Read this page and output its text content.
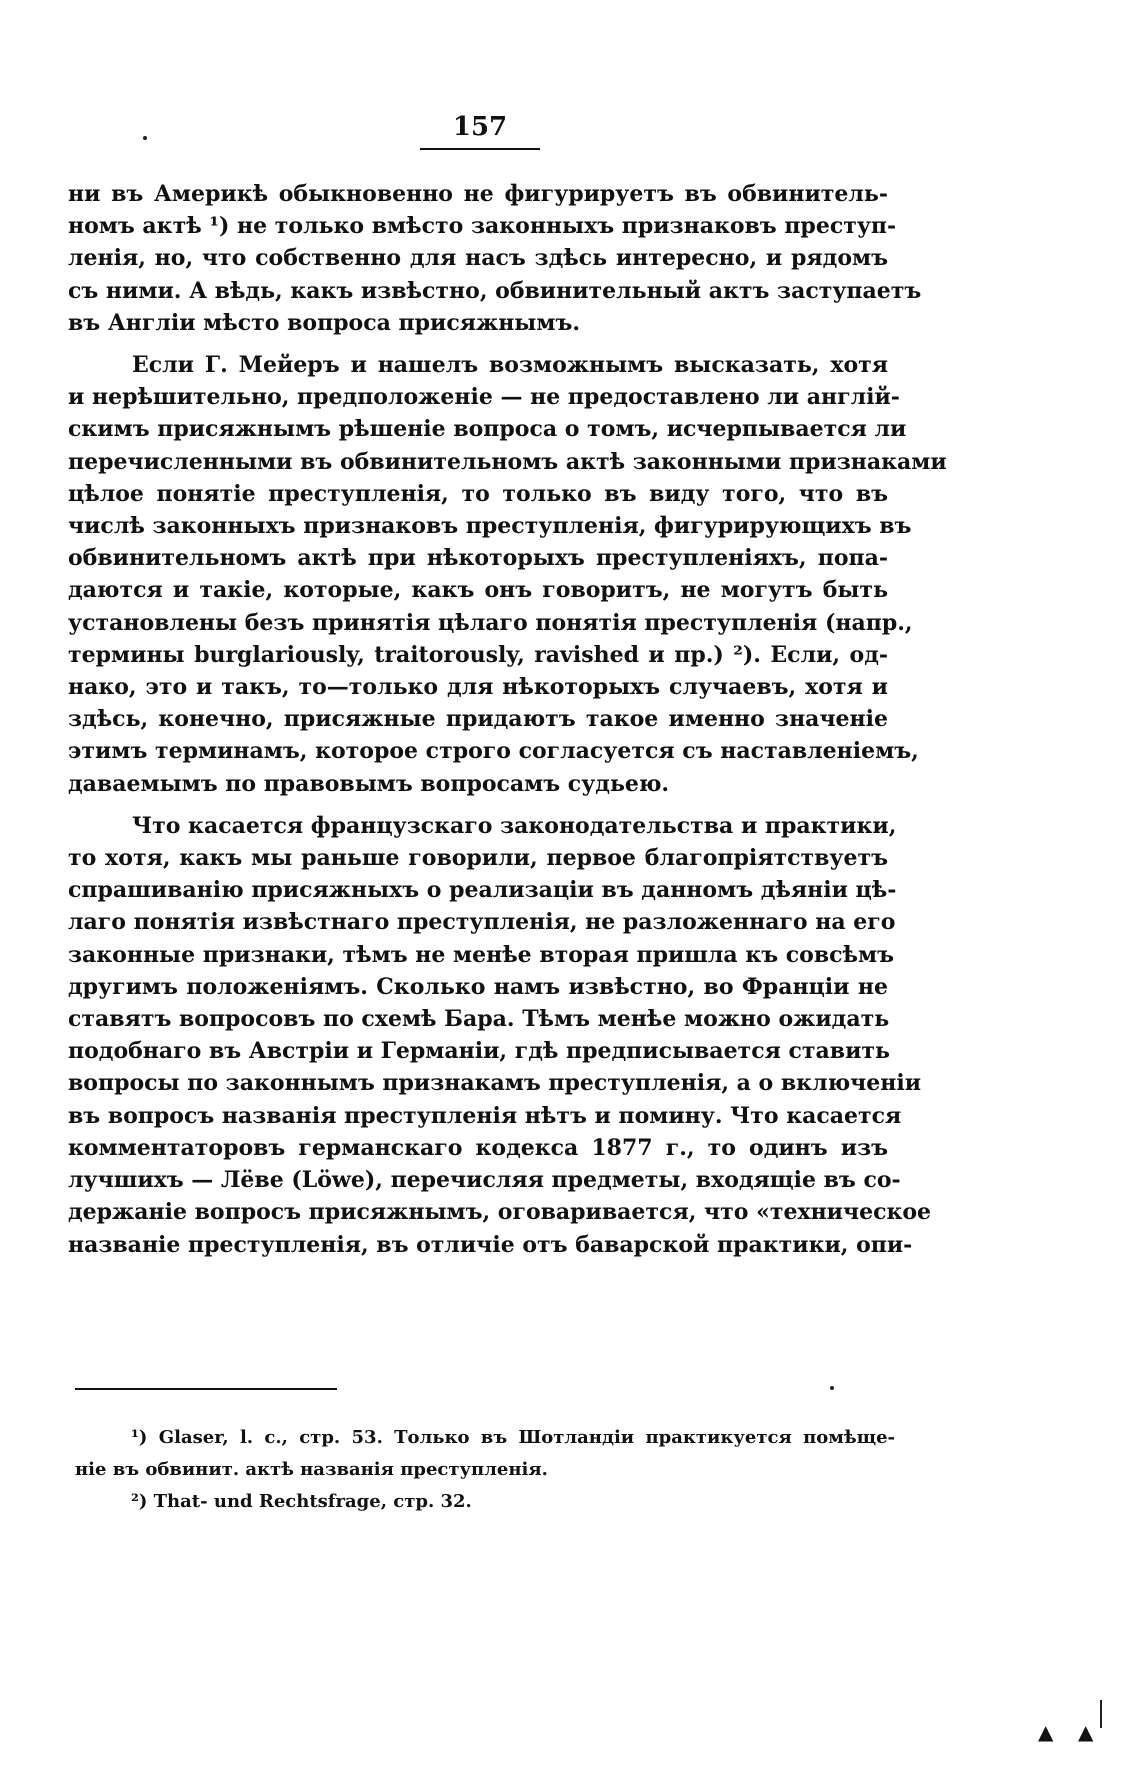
157
ни въ Америкѣ обыкновенно не фигурируетъ въ обвинитель-
номъ актѣ ¹) не только вмѣсто законныхъ признаковъ преступ-
ленія, но, что собственно для насъ здѣсь интересно, и рядомъ
съ ними. А вѣдь, какъ извѣстно, обвинительный актъ заступаетъ
въ Англіи мѣсто вопроса присяжнымъ.
Если Г. Мейеръ и нашелъ возможнымъ высказать, хотя
и нерѣшительно, предположеніе — не предоставлено ли англій-
скимъ присяжнымъ рѣшеніе вопроса о томъ, исчерпывается ли
перечисленными въ обвинительномъ актѣ законными признаками
цѣлое понятіе преступленія, то только въ виду того, что въ
числѣ законныхъ признаковъ преступленія, фигурирующихъ въ
обвинительномъ актѣ при нѣкоторыхъ преступленіяхъ, попа-
даются и такіе, которые, какъ онъ говоритъ, не могутъ быть
установлены безъ принятія цѣлаго понятія преступленія (напр.,
термины burglariously, traitorously, ravished и пр.) ²). Если, од-
нако, это и такъ, то—только для нѣкоторыхъ случаевъ, хотя и
здѣсь, конечно, присяжные придаютъ такое именно значеніе
этимъ терминамъ, которое строго согласуется съ наставленіемъ,
даваемымъ по правовымъ вопросамъ судьею.
Что касается французскаго законодательства и практики,
то хотя, какъ мы раньше говорили, первое благопріятствуетъ
спрашиванію присяжныхъ о реализаціи въ данномъ дѣяніи цѣ-
лаго понятія извѣстнаго преступленія, не разложеннаго на его
законные признаки, тѣмъ не менѣе вторая пришла къ совсѣмъ
другимъ положеніямъ. Сколько намъ извѣстно, во Франціи не
ставятъ вопросовъ по схемѣ Бара. Тѣмъ менѣе можно ожидать
подобнаго въ Австріи и Германіи, гдѣ предписывается ставить
вопросы по законнымъ признакамъ преступленія, а о включеніи
въ вопросъ названія преступленія нѣтъ и помину. Что касается
комментаторовъ германскаго кодекса 1877 г., то одинъ изъ
лучшихъ — Лёве (Löwe), перечисляя предметы, входящіе въ со-
держаніе вопросъ присяжнымъ, оговаривается, что «техническое
названіе преступленія, въ отличіе отъ баварской практики, опи-
¹) Glaser, l. c., стр. 53. Только въ Шотландіи практикуется помѣще-
ніе въ обвинит. актѣ названія преступленія.
²) That- und Rechtsfrage, стр. 32.
▲ ▲
